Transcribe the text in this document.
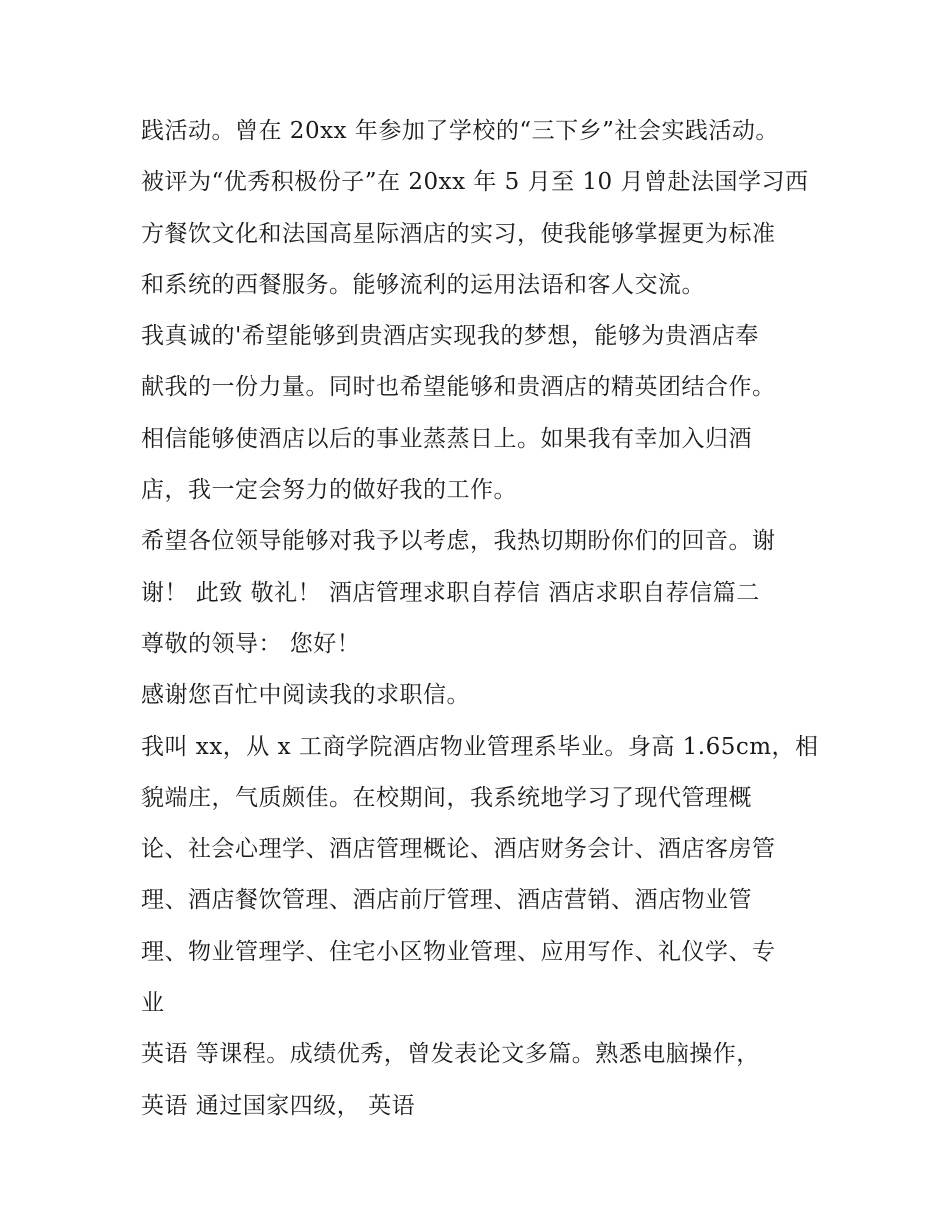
践活动。曾在 20xx 年参加了学校的“三下乡”社会实践活动。
被评为“优秀积极份子”在 20xx 年 5 月至 10 月曾赴法国学习西
方餐饮文化和法国高星际酒店的实习，使我能够掌握更为标准
和系统的西餐服务。能够流利的运用法语和客人交流。
我真诚的'希望能够到贵酒店实现我的梦想，能够为贵酒店奉
献我的一份力量。同时也希望能够和贵酒店的精英团结合作。
相信能够使酒店以后的事业蒸蒸日上。如果我有幸加入归酒
店，我一定会努力的做好我的工作。
希望各位领导能够对我予以考虑，我热切期盼你们的回音。谢
谢！ 此致 敬礼！ 酒店管理求职自荐信 酒店求职自荐信篇二
尊敬的领导： 您好！
感谢您百忙中阅读我的求职信。
我叫 xx，从 x 工商学院酒店物业管理系毕业。身高 1.65cm，相
貌端庄，气质颇佳。在校期间，我系统地学习了现代管理概
论、社会心理学、酒店管理概论、酒店财务会计、酒店客房管
理、酒店餐饮管理、酒店前厅管理、酒店营销、酒店物业管
理、物业管理学、住宅小区物业管理、应用写作、礼仪学、专
业
英语 等课程。成绩优秀，曾发表论文多篇。熟悉电脑操作，
英语 通过国家四级， 英语
